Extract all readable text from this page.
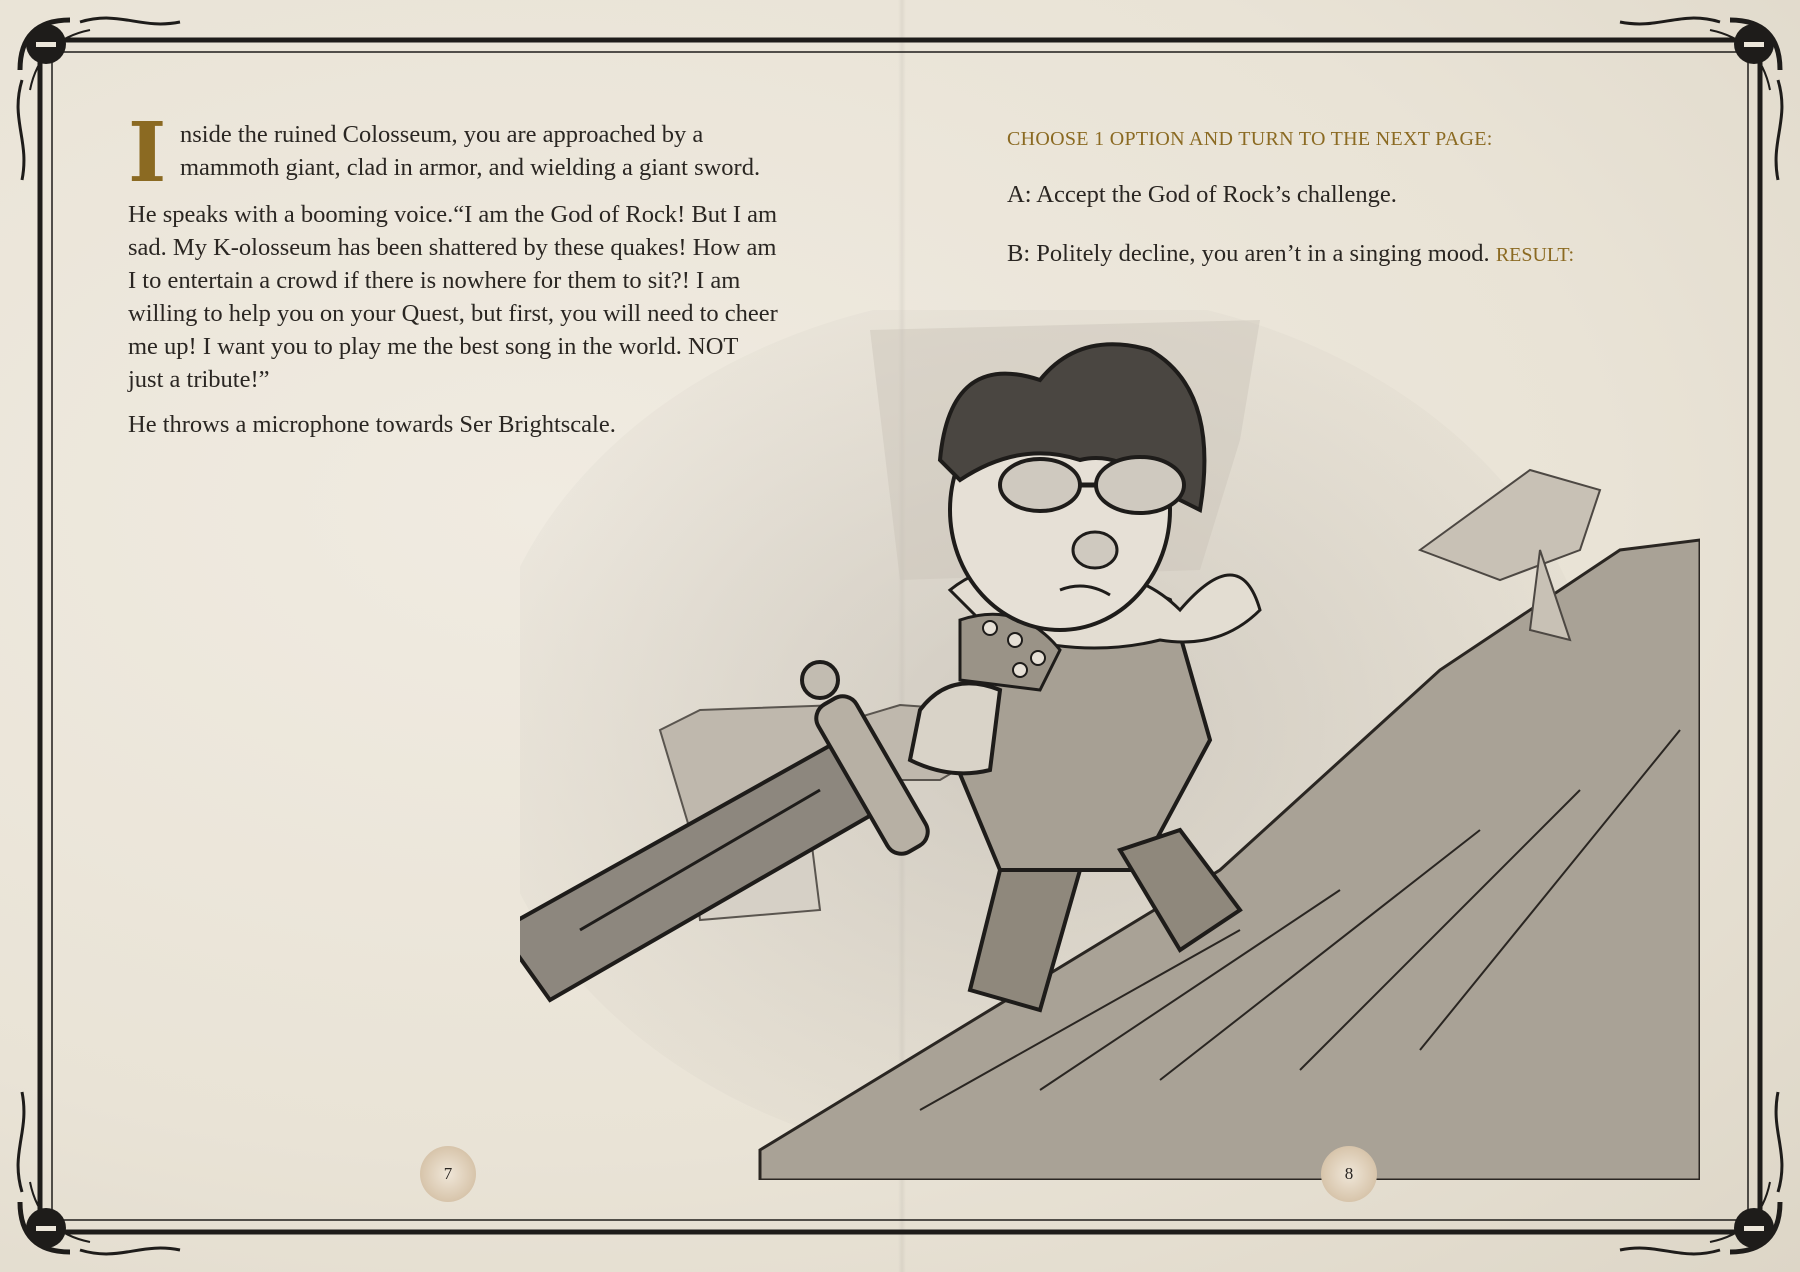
I nside the ruined Colosseum, you are approached by a mammoth giant, clad in armor, and wielding a giant sword.

He speaks with a booming voice.“I am the God of Rock! But I am sad. My K-olosseum has been shattered by these quakes! How am I to entertain a crowd if there is nowhere for them to sit?! I am willing to help you on your Quest, but first, you will need to cheer me up! I want you to play me the best song in the world. NOT just a tribute!”

He throws a microphone towards Ser Brightscale.

CHOOSE 1 OPTION AND TURN TO THE NEXT PAGE:

A: Accept the God of Rock’s challenge.

B: Politely decline, you aren’t in a singing mood. RESULT:

7	8
